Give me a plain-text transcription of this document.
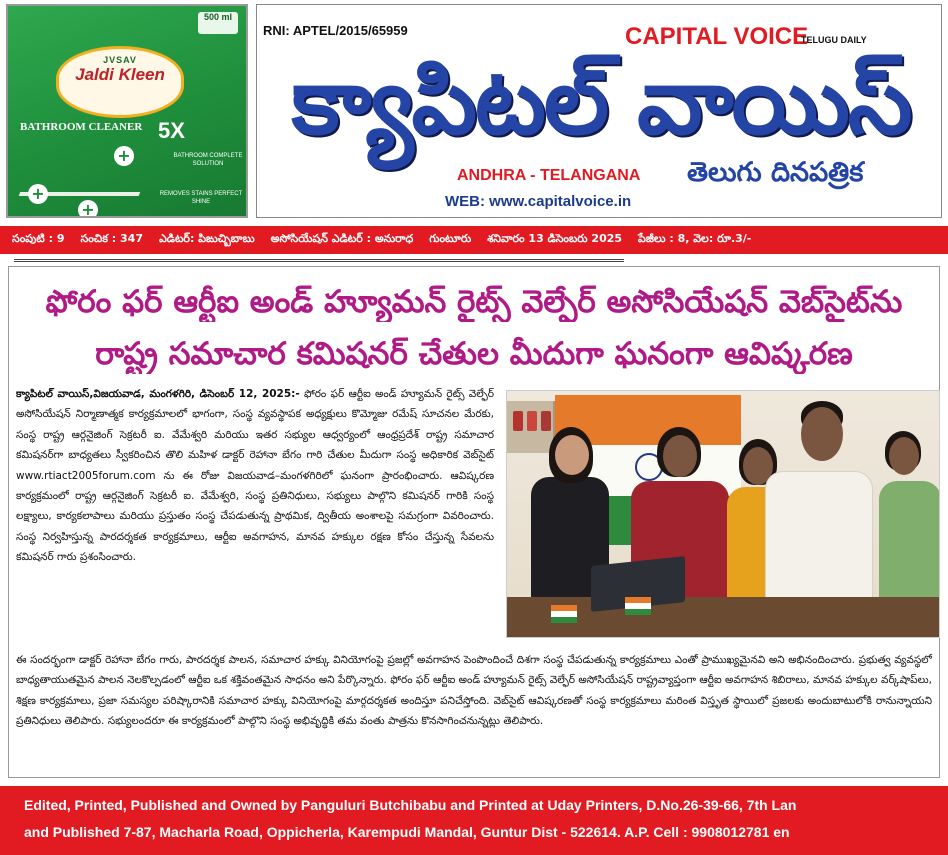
500 ml
JVSAV
Jaldi Kleen
BATHROOM CLEANER 5X
+
+
+
BATHROOM COMPLETE SOLUTION
REMOVES STAINS PERFECT SHINE
RNI: APTEL/2015/65959	CAPITAL VOICE
TELUGU DAILY
క్యాపిటల్ వాయిస్
ANDHRA - TELANGANA తెలుగు దినపత్రిక
WEB: www.capitalvoice.in
సంపుటి : 9 సంచిక : 347 ఎడిటర్: పిఙుచ్బిబాబు అసోసియేషన్ ఎడిటర్ : అనురాధ గుంటూరు శనివారం 13 డిసెంబరు 2025 పేజీలు : 8, వెల: రూ.3/-
ఫోరం ఫర్ ఆర్టీఐ అండ్ హ్యూమన్ రైట్స్ వెల్ఫేర్ అసోసియేషన్ వెబ్‌సైట్‌ను
రాష్ట్ర సమాచార కమిషనర్ చేతుల మీదుగా ఘనంగా ఆవిష్కరణ
క్యాపిటల్ వాయిస్,విజయవాడ, మంగళగిరి, డిసెంబర్ 12, 2025:- ఫోరం ఫర్ ఆర్టీఐ అండ్ హ్యూమన్ రైట్స్ వెల్ఫేర్ అసోసియేషన్ నిర్మాణాత్మక కార్యక్రమాలలో భాగంగా, సంస్థ వ్యవస్థాపక అధ్యక్షులు కొమ్మోజు రమేష్ సూచనల మేరకు, సంస్థ రాష్ట్ర ఆర్గనైజింగ్ సెక్రటరీ ఐ. వేమేశ్వరి మరియు ఇతర సభ్యుల ఆధ్వర్యంలో ఆంధ్రప్రదేశ్ రాష్ట్ర సమాచార కమిషనర్‌గా బాధ్యతలు స్వీకరించిన తొలి మహిళ డాక్టర్ రెహానా బేగం గారి చేతుల మీదుగా సంస్థ అధికారిక వెబ్‌సైట్ www.rtiact2005forum.com ను ఈ రోజు విజయవాడ–మంగళగిరిలో ఘనంగా ప్రారంభించారు. ఆవిష్కరణ కార్యక్రమంలో రాష్ట్ర ఆర్గనైజింగ్ సెక్రటరీ ఐ. వేమేశ్వరి, సంస్థ ప్రతినిధులు, సభ్యులు పాల్గొని కమిషనర్ గారికి సంస్థ లక్ష్యాలు, కార్యకలాపాలు మరియు ప్రస్తుతం సంస్థ చేపడుతున్న ప్రాథమిక, ద్వితీయ అంశాలపై సమగ్రంగా వివరించారు. సంస్థ నిర్వహిస్తున్న పారదర్శకత కార్యక్రమాలు, ఆర్టీఐ అవగాహన, మానవ హక్కుల రక్షణ కోసం చేస్తున్న సేవలను కమిషనర్ గారు ప్రశంసించారు.
ఈ సందర్భంగా డాక్టర్ రెహానా బేగం గారు, పారదర్శక పాలన, సమాచార హక్కు వినియోగంపై ప్రజల్లో అవగాహన పెంపొందించే దిశగా సంస్థ చేపడుతున్న కార్యక్రమాలు ఎంతో ప్రాముఖ్యమైనవి అని అభినందించారు. ప్రభుత్వ వ్యవస్థలో బాధ్యతాయుతమైన పాలన నెలకొల్పడంలో ఆర్టీఐ ఒక శక్తివంతమైన సాధనం అని పేర్కొన్నారు. ఫోరం ఫర్ ఆర్టీఐ అండ్ హ్యూమన్ రైట్స్ వెల్ఫేర్ అసోసియేషన్ రాష్ట్రవ్యాప్తంగా ఆర్టీఐ అవగాహన శిబిరాలు, మానవ హక్కుల వర్క్‌షాప్‌లు, శిక్షణ కార్యక్రమాలు, ప్రజా సమస్యల పరిష్కారానికి సమాచార హక్కు వినియోగంపై మార్గదర్శకత అందిస్తూ పనిచేస్తోంది. వెబ్‌సైట్ ఆవిష్కరణతో సంస్థ కార్యక్రమాలు మరింత విస్తృత స్థాయిలో ప్రజలకు అందుబాటులోకి రానున్నాయని ప్రతినిధులు తెలిపారు. సభ్యులందరూ ఈ కార్యక్రమంలో పాల్గొని సంస్థ అభివృద్ధికి తమ వంతు పాత్రను కొనసాగించనున్నట్లు తెలిపారు.
Edited, Printed, Published and Owned by Panguluri Butchibabu and Printed at Uday Printers, D.No.26-39-66, 7th Lan
and Published 7-87, Macharla Road, Oppicherla, Karempudi Mandal, Guntur Dist - 522614. A.P. Cell : 9908012781 en
